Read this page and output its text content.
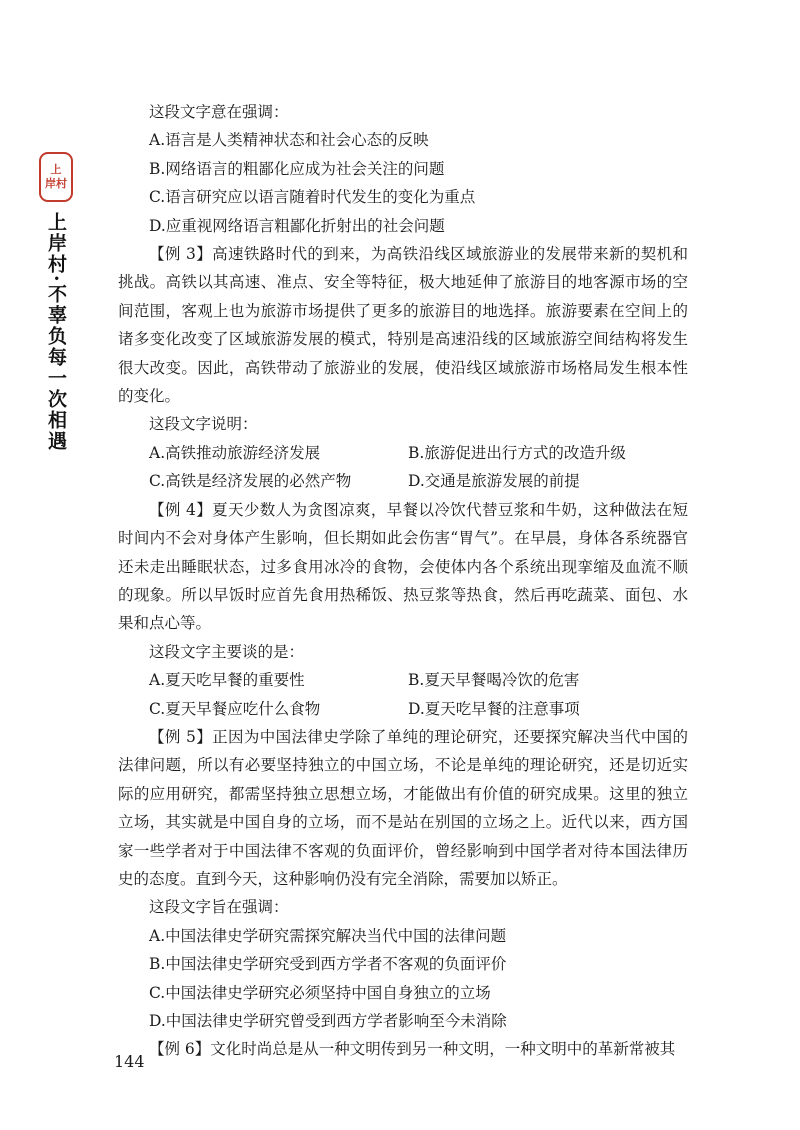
上
岸村
上岸村·不辜负每一次相遇
这段文字意在强调：
A.语言是人类精神状态和社会心态的反映
B.网络语言的粗鄙化应成为社会关注的问题
C.语言研究应以语言随着时代发生的变化为重点
D.应重视网络语言粗鄙化折射出的社会问题
【例 3】高速铁路时代的到来，为高铁沿线区域旅游业的发展带来新的契机和挑战。高铁以其高速、准点、安全等特征，极大地延伸了旅游目的地客源市场的空间范围，客观上也为旅游市场提供了更多的旅游目的地选择。旅游要素在空间上的诸多变化改变了区域旅游发展的模式，特别是高速沿线的区域旅游空间结构将发生很大改变。因此，高铁带动了旅游业的发展，使沿线区域旅游市场格局发生根本性的变化。
这段文字说明：
A.高铁推动旅游经济发展	B.旅游促进出行方式的改造升级
C.高铁是经济发展的必然产物	D.交通是旅游发展的前提
【例 4】夏天少数人为贪图凉爽，早餐以冷饮代替豆浆和牛奶，这种做法在短时间内不会对身体产生影响，但长期如此会伤害“胃气”。在早晨，身体各系统器官还未走出睡眠状态，过多食用冰冷的食物，会使体内各个系统出现挛缩及血流不顺的现象。所以早饭时应首先食用热稀饭、热豆浆等热食，然后再吃蔬菜、面包、水果和点心等。
这段文字主要谈的是：
A.夏天吃早餐的重要性	B.夏天早餐喝冷饮的危害
C.夏天早餐应吃什么食物	D.夏天吃早餐的注意事项
【例 5】正因为中国法律史学除了单纯的理论研究，还要探究解决当代中国的法律问题，所以有必要坚持独立的中国立场，不论是单纯的理论研究，还是切近实际的应用研究，都需坚持独立思想立场，才能做出有价值的研究成果。这里的独立立场，其实就是中国自身的立场，而不是站在别国的立场之上。近代以来，西方国家一些学者对于中国法律不客观的负面评价，曾经影响到中国学者对待本国法律历史的态度。直到今天，这种影响仍没有完全消除，需要加以矫正。
这段文字旨在强调：
A.中国法律史学研究需探究解决当代中国的法律问题
B.中国法律史学研究受到西方学者不客观的负面评价
C.中国法律史学研究必须坚持中国自身独立的立场
D.中国法律史学研究曾受到西方学者影响至今未消除
【例 6】文化时尚总是从一种文明传到另一种文明，一种文明中的革新常被其
144
